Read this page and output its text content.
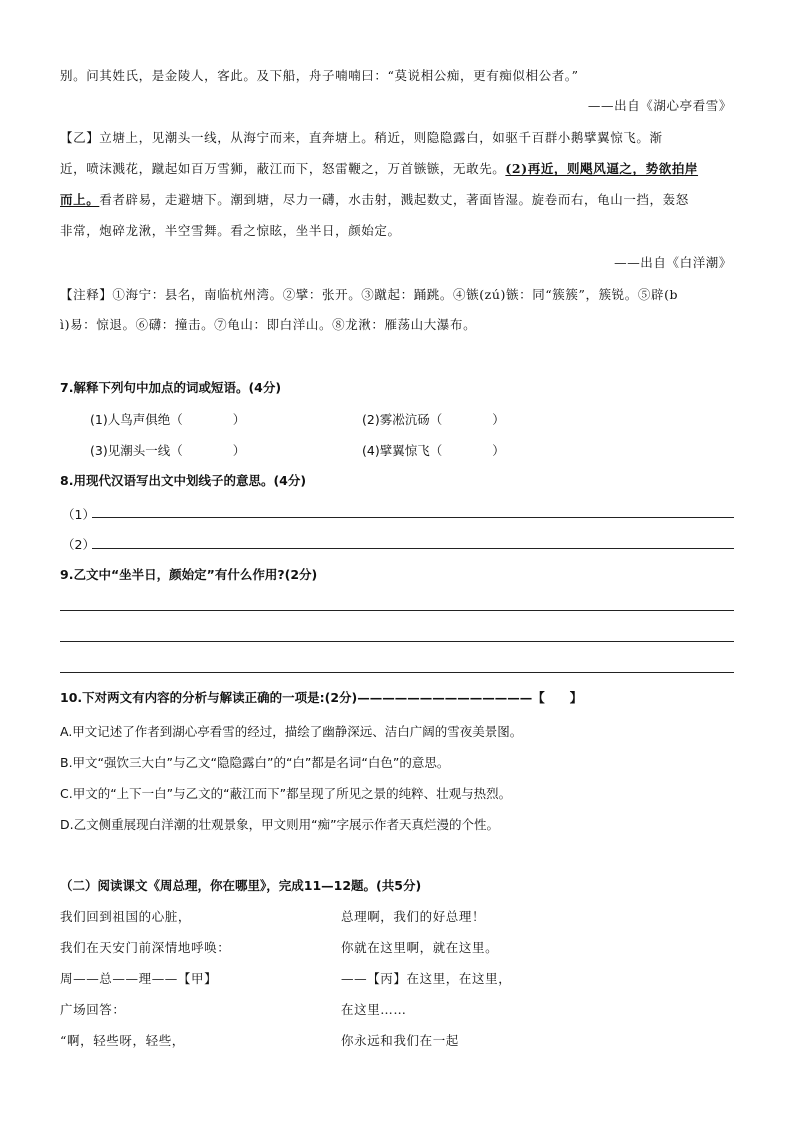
别。问其姓氏，是金陵人，客此。及下船，舟子喃喃曰：“莫说相公痴，更有痴似相公者。”
——出自《湖心亭看雪》
【乙】立塘上，见潮头一线，从海宁而来，直奔塘上。稍近，则隐隐露白，如驱千百群小鹅擘翼惊飞。渐
近，喷沫溅花，蹴起如百万雪狮，蔽江而下，怒雷鞭之，万首镞镞，无敢先。(2)再近，则飓风逼之，势欲拍岸
而上。看者辟易，走避塘下。潮到塘，尽力一礴，水击射，溅起数丈，著面皆湿。旋卷而右，龟山一挡，轰怒
非常，炮碎龙湫，半空雪舞。看之惊眩，坐半日，颜始定。
——出自《白洋潮》
【注释】①海宁：县名，南临杭州湾。②擘：张开。③蹴起：踊跳。④镞(zú)镞：同“簇簇”，簇锐。⑤辟(b
ì)易：惊退。⑥礴：撞击。⑦龟山：即白洋山。⑧龙湫：雁荡山大瀑布。
7.解释下列句中加点的词或短语。(4分)
(1)人鸟声俱绝（　　　　）	(2)雾凇沆砀（　　　　）
(3)见潮头一线（　　　　）	(4)擘翼惊飞（　　　　）
8.用现代汉语写出文中划线子的意思。(4分)
（1）
（2）
9.乙文中“坐半日，颜始定”有什么作用?(2分)
10.下对两文有内容的分析与解读正确的一项是:(2分)——————————————【　　】
A.甲文记述了作者到湖心亭看雪的经过，描绘了幽静深远、洁白广阔的雪夜美景图。
B.甲文“强饮三大白”与乙文“隐隐露白”的“白”都是名词“白色”的意思。
C.甲文的“上下一白”与乙文的“蔽江而下”都呈现了所见之景的纯粹、壮观与热烈。
D.乙文侧重展现白洋潮的壮观景象，甲文则用“痴”字展示作者天真烂漫的个性。
（二）阅读课文《周总理，你在哪里》，完成11—12题。(共5分)
我们回到祖国的心脏，
我们在天安门前深情地呼唤：
周——总——理——【甲】
广场回答：
“啊，轻些呀，轻些，
总理啊，我们的好总理！
你就在这里啊，就在这里。
——【丙】在这里，在这里，
在这里……
你永远和我们在一起
